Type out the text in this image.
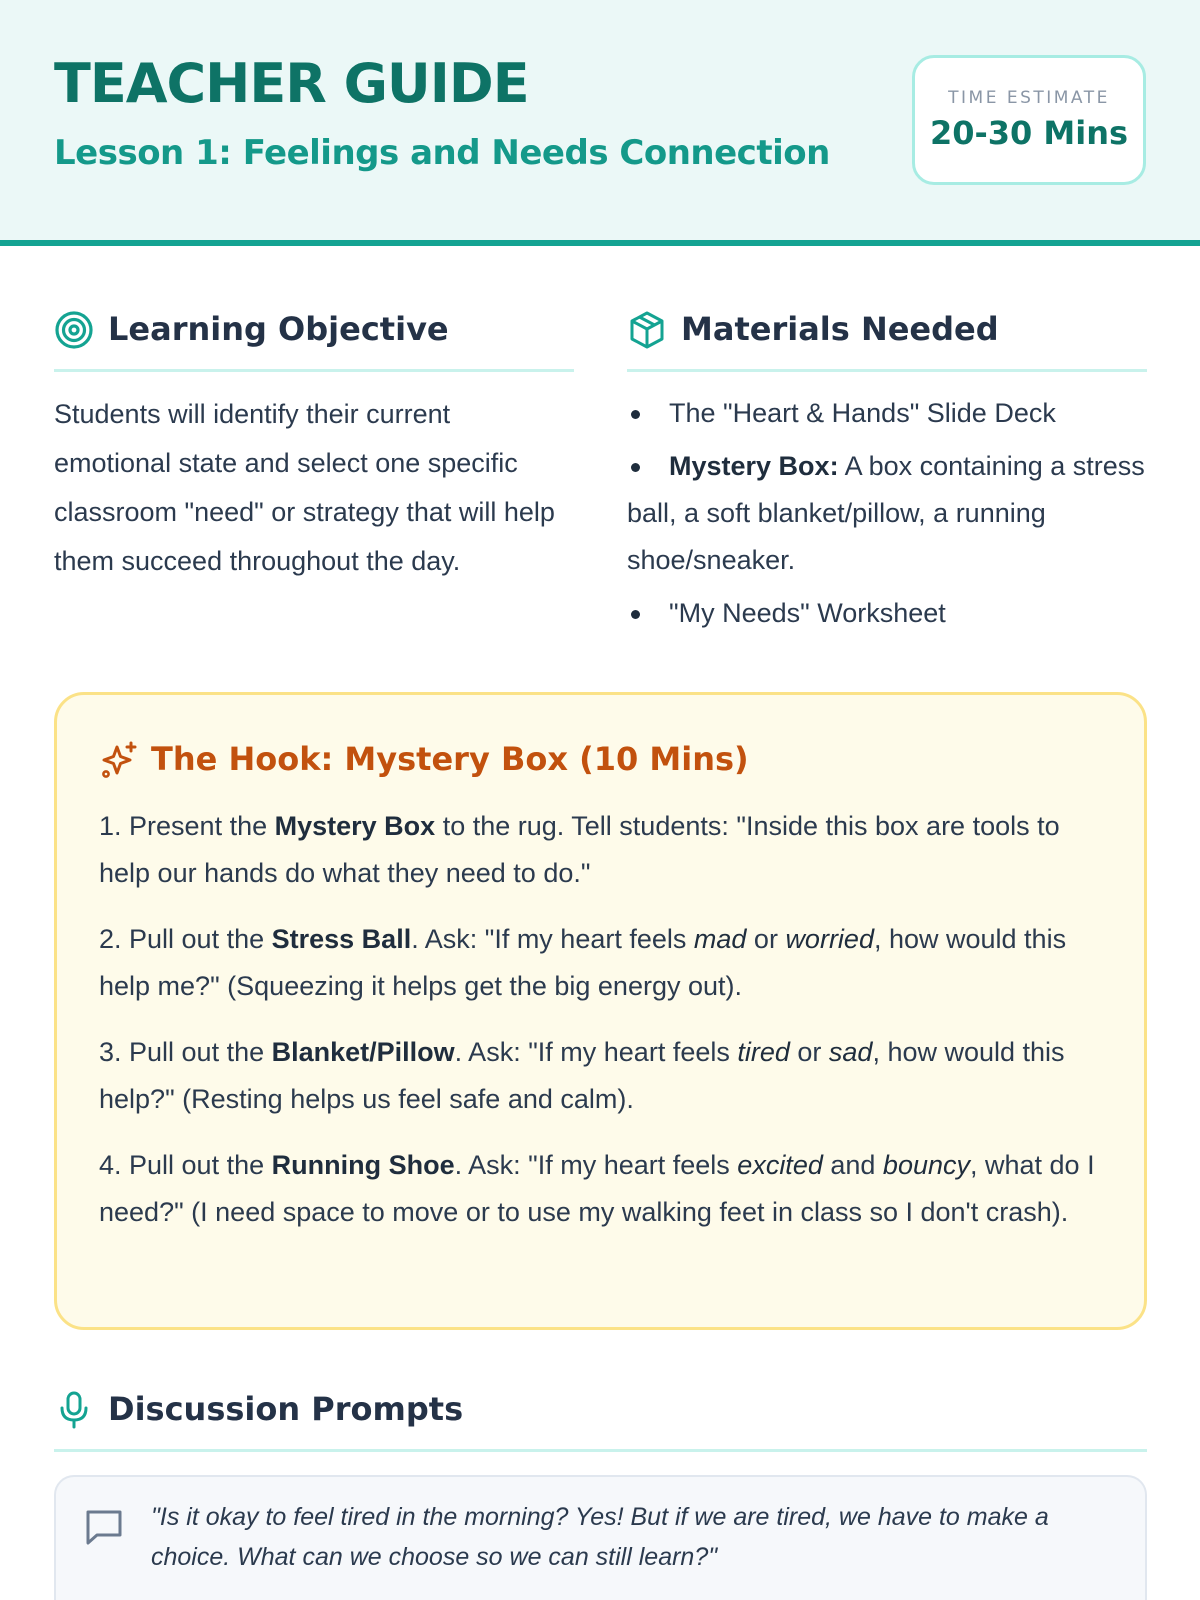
TEACHER GUIDE
Lesson 1: Feelings and Needs Connection
TIME ESTIMATE
20-30 Mins
Learning Objective

Students will identify their current emotional state and select one specific classroom "need" or strategy that will help them succeed throughout the day.

Materials Needed
The "Heart & Hands" Slide Deck
Mystery Box: A box containing a stress ball, a soft blanket/pillow, a running shoe/sneaker.
"My Needs" Worksheet
The Hook: Mystery Box (10 Mins)

1. Present the Mystery Box to the rug. Tell students: "Inside this box are tools to help our hands do what they need to do."

2. Pull out the Stress Ball. Ask: "If my heart feels mad or worried, how would this help me?" (Squeezing it helps get the big energy out).

3. Pull out the Blanket/Pillow. Ask: "If my heart feels tired or sad, how would this help?" (Resting helps us feel safe and calm).

4. Pull out the Running Shoe. Ask: "If my heart feels excited and bouncy, what do I need?" (I need space to move or to use my walking feet in class so I don't crash).

Discussion Prompts

"Is it okay to feel tired in the morning? Yes! But if we are tired, we have to make a choice. What can we choose so we can still learn?"
